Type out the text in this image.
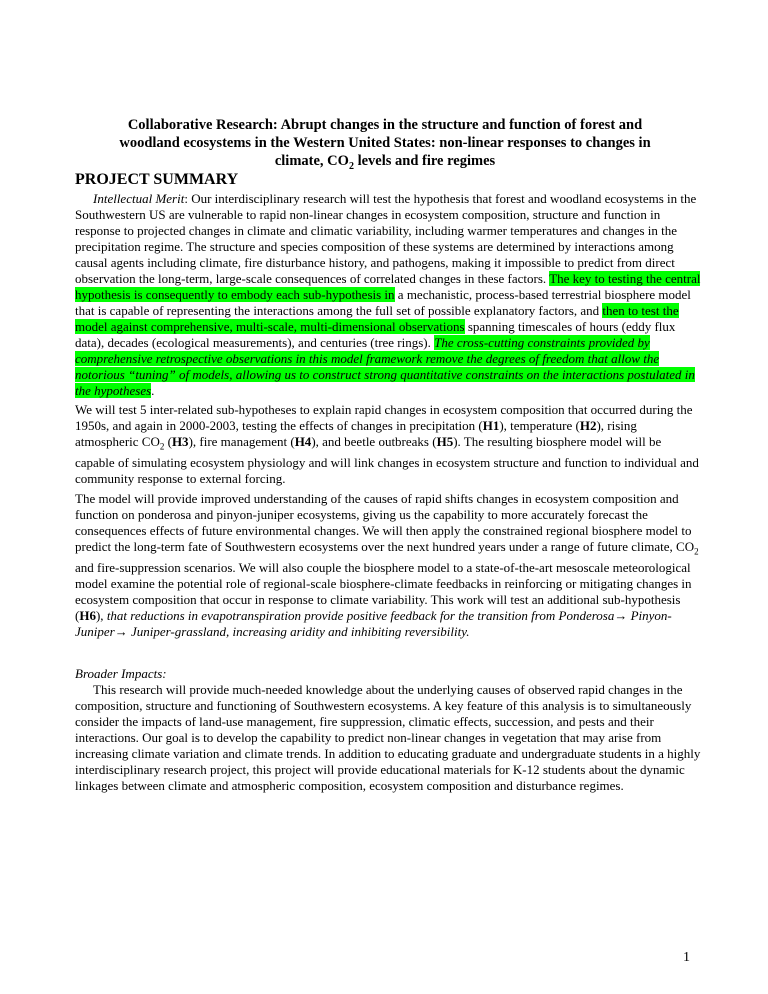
Collaborative Research: Abrupt changes in the structure and function of forest and
woodland ecosystems in the Western United States: non-linear responses to changes in
climate, $CO_2$ levels and fire regimes
PROJECT SUMMARY

Intellectual Merit: Our interdisciplinary research will test the hypothesis that forest and woodland ecosystems in the Southwestern US are vulnerable to rapid non-linear changes in ecosystem composition, structure and function in response to projected changes in climate and climatic variability, including warmer temperatures and changes in the precipitation regime. The structure and species composition of these systems are determined by interactions among causal agents including climate, fire disturbance history, and pathogens, making it impossible to predict from direct observation the long-term, large-scale consequences of correlated changes in these factors. The key to testing the central hypothesis is consequently to embody each sub-hypothesis in a mechanistic, process-based terrestrial biosphere model that is capable of representing the interactions among the full set of possible explanatory factors, and then to test the model against comprehensive, multi-scale, multi-dimensional observations spanning timescales of hours (eddy flux data), decades (ecological measurements), and centuries (tree rings). The cross-cutting constraints provided by comprehensive retrospective observations in this model framework remove the degrees of freedom that allow the notorious “tuning” of models, allowing us to construct strong quantitative constraints on the interactions postulated in the hypotheses.

We will test 5 inter-related sub-hypotheses to explain rapid changes in ecosystem composition that occurred during the 1950s, and again in 2000-2003, testing the effects of changes in precipitation (H1), temperature (H2), rising atmospheric $CO_2$ (H3), fire management (H4), and beetle outbreaks (H5). The resulting biosphere model will be capable of simulating ecosystem physiology and will link changes in ecosystem structure and function to individual and community response to external forcing.

The model will provide improved understanding of the causes of rapid shifts changes in ecosystem composition and function on ponderosa and pinyon-juniper ecosystems, giving us the capability to more accurately forecast the consequences effects of future environmental changes. We will then apply the constrained regional biosphere model to predict the long-term fate of Southwestern ecosystems over the next hundred years under a range of future climate, $CO_2$ and fire-suppression scenarios. We will also couple the biosphere model to a state-of-the-art mesoscale meteorological model examine the potential role of regional-scale biosphere-climate feedbacks in reinforcing or mitigating changes in ecosystem composition that occur in response to climate variability. This work will test an additional sub-hypothesis (H6), that reductions in evapotranspiration provide positive feedback for the transition from Ponderosa→ Pinyon-Juniper→ Juniper-grassland, increasing aridity and inhibiting reversibility.

Broader Impacts:

This research will provide much-needed knowledge about the underlying causes of observed rapid changes in the composition, structure and functioning of Southwestern ecosystems. A key feature of this analysis is to simultaneously consider the impacts of land-use management, fire suppression, climatic effects, succession, and pests and their interactions. Our goal is to develop the capability to predict non-linear changes in vegetation that may arise from increasing climate variation and climate trends. In addition to educating graduate and undergraduate students in a highly interdisciplinary research project, this project will provide educational materials for K-12 students about the dynamic linkages between climate and atmospheric composition, ecosystem composition and disturbance regimes.

1
